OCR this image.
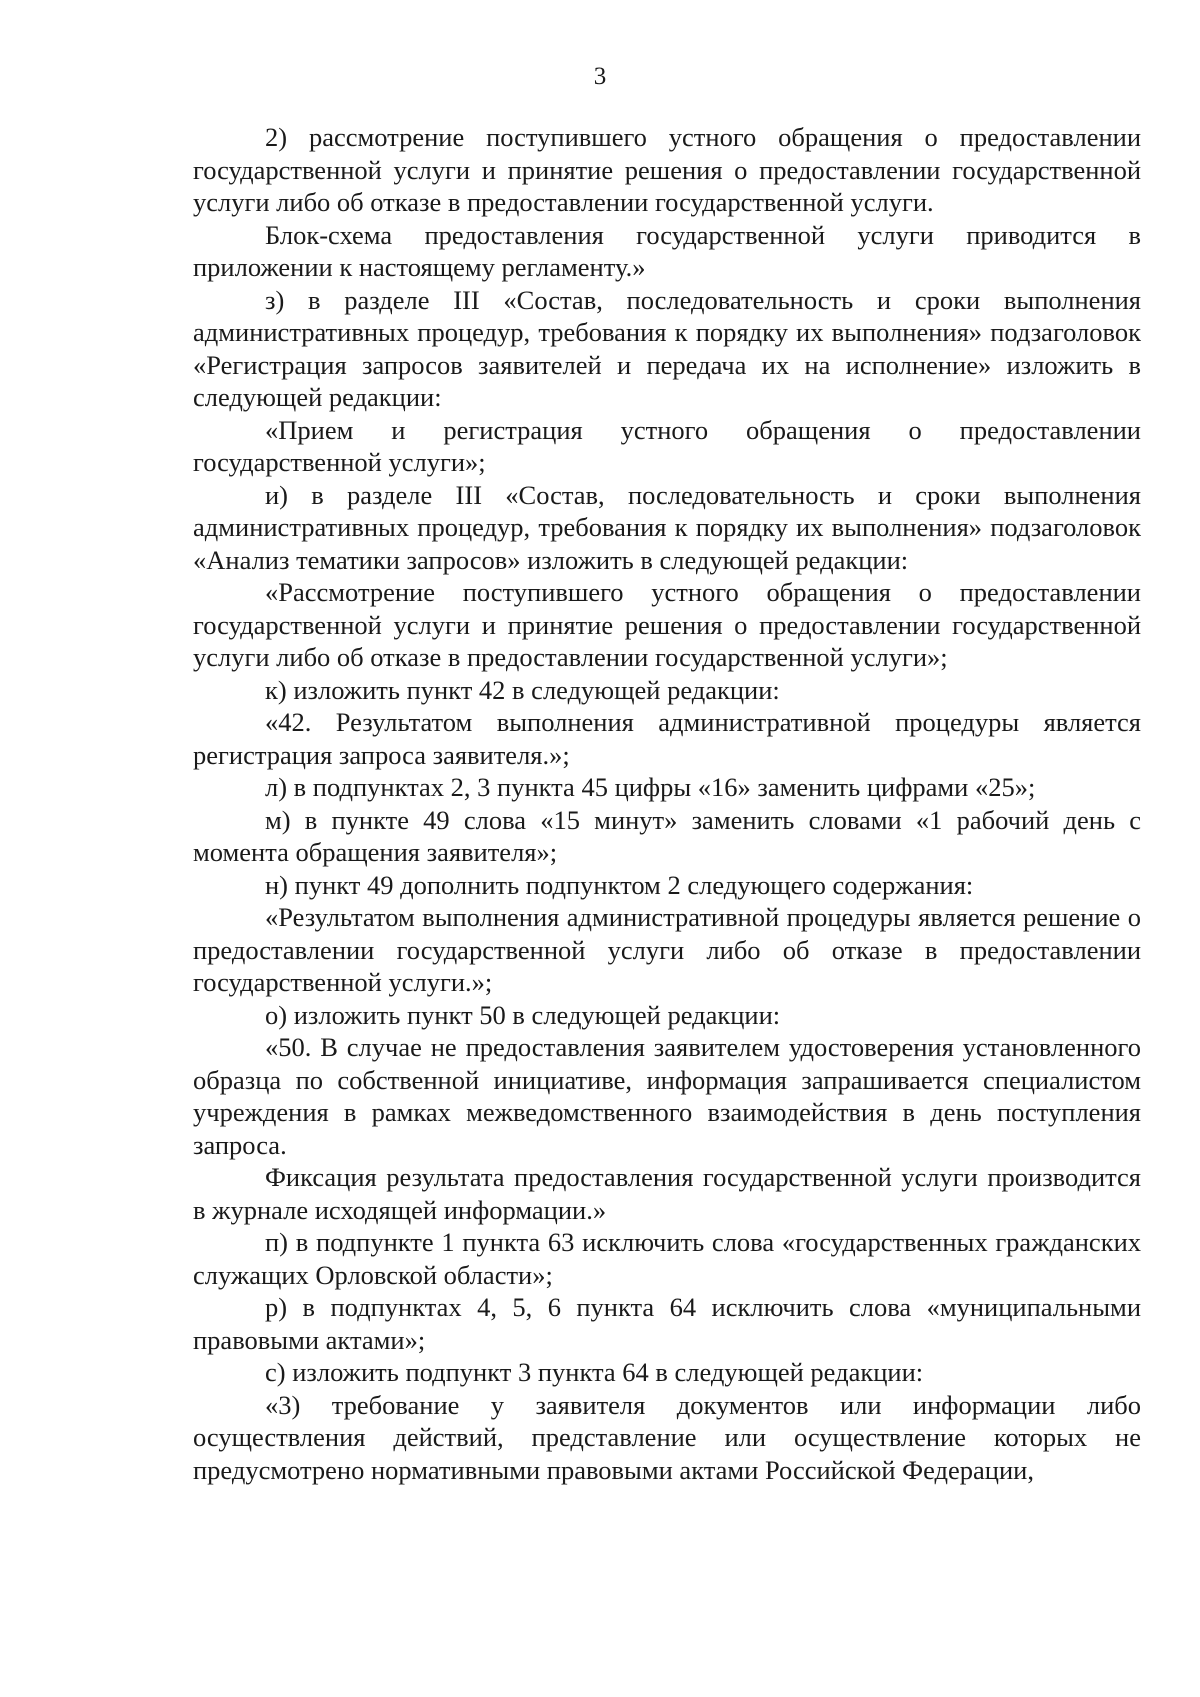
3

2) рассмотрение поступившего устного обращения о предоставлении государственной услуги и принятие решения о предоставлении государственной услуги либо об отказе в предоставлении государственной услуги.

Блок-схема предоставления государственной услуги приводится в приложении к настоящему регламенту.»

з) в разделе III «Состав, последовательность и сроки выполнения административных процедур, требования к порядку их выполнения» подзаголовок «Регистрация запросов заявителей и передача их на исполнение» изложить в следующей редакции:

«Прием и регистрация устного обращения о предоставлении государственной услуги»;

и) в разделе III «Состав, последовательность и сроки выполнения административных процедур, требования к порядку их выполнения» подзаголовок «Анализ тематики запросов» изложить в следующей редакции:

«Рассмотрение поступившего устного обращения о предоставлении государственной услуги и принятие решения о предоставлении государственной услуги либо об отказе в предоставлении государственной услуги»;

к) изложить пункт 42 в следующей редакции:

«42. Результатом выполнения административной процедуры является регистрация запроса заявителя.»;

л) в подпунктах 2, 3 пункта 45 цифры «16» заменить цифрами «25»;

м) в пункте 49 слова «15 минут» заменить словами «1 рабочий день с момента обращения заявителя»;

н) пункт 49 дополнить подпунктом 2 следующего содержания:

«Результатом выполнения административной процедуры является решение о предоставлении государственной услуги либо об отказе в предоставлении государственной услуги.»;

о) изложить пункт 50 в следующей редакции:

«50. В случае не предоставления заявителем удостоверения установленного образца по собственной инициативе, информация запрашивается специалистом учреждения в рамках межведомственного взаимодействия в день поступления запроса.

Фиксация результата предоставления государственной услуги производится в журнале исходящей информации.»

п) в подпункте 1 пункта 63 исключить слова «государственных гражданских служащих Орловской области»;

р) в подпунктах 4, 5, 6 пункта 64 исключить слова «муниципальными правовыми актами»;

с) изложить подпункт 3 пункта 64 в следующей редакции:

«3) требование у заявителя документов или информации либо осуществления действий, представление или осуществление которых не предусмотрено нормативными правовыми актами Российской Федерации,
